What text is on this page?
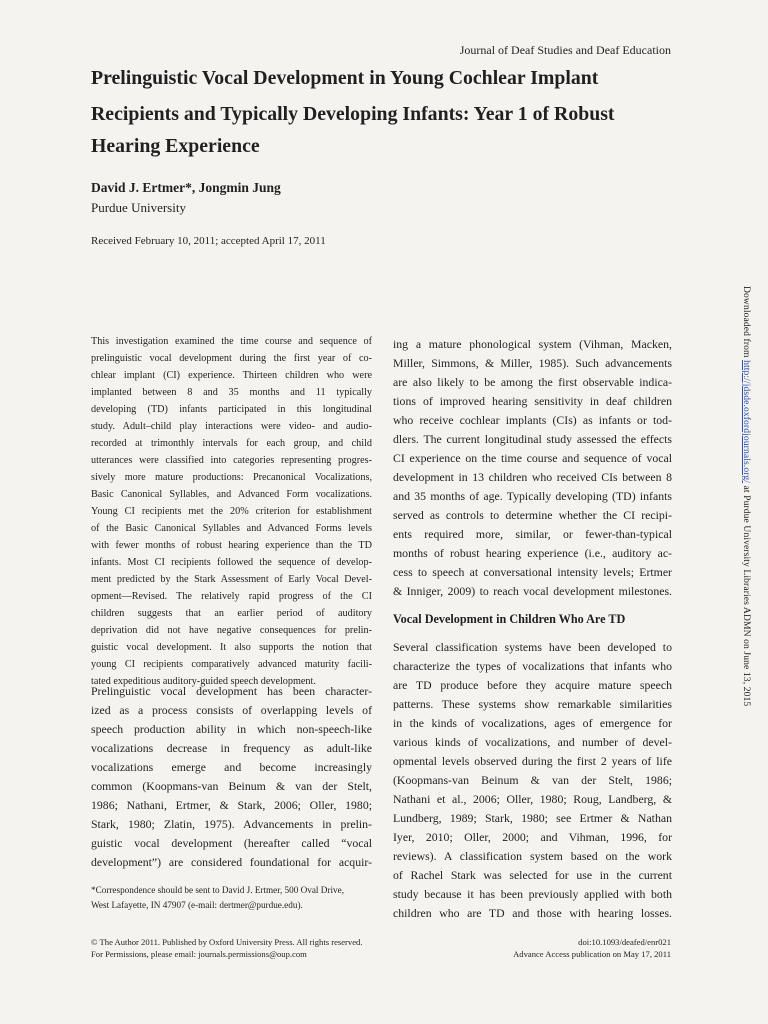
Journal of Deaf Studies and Deaf Education
Prelinguistic Vocal Development in Young Cochlear Implant
Recipients and Typically Developing Infants: Year 1 of Robust
Hearing Experience
David J. Ertmer*, Jongmin Jung
Purdue University
Received February 10, 2011; accepted April 17, 2011
This investigation examined the time course and sequence of
prelinguistic vocal development during the first year of co-
chlear implant (CI) experience. Thirteen children who were
implanted between 8 and 35 months and 11 typically
developing (TD) infants participated in this longitudinal
study. Adult–child play interactions were video- and audio-
recorded at trimonthly intervals for each group, and child
utterances were classified into categories representing progres-
sively more mature productions: Precanonical Vocalizations,
Basic Canonical Syllables, and Advanced Form vocalizations.
Young CI recipients met the 20% criterion for establishment
of the Basic Canonical Syllables and Advanced Forms levels
with fewer months of robust hearing experience than the TD
infants. Most CI recipients followed the sequence of develop-
ment predicted by the Stark Assessment of Early Vocal Devel-
opment—Revised. The relatively rapid progress of the CI
children suggests that an earlier period of auditory
deprivation did not have negative consequences for prelin-
guistic vocal development. It also supports the notion that
young CI recipients comparatively advanced maturity facili-
tated expeditious auditory-guided speech development.
Prelinguistic vocal development has been character-
ized as a process consists of overlapping levels of
speech production ability in which non-speech-like
vocalizations decrease in frequency as adult-like
vocalizations emerge and become increasingly
common (Koopmans-van Beinum & van der Stelt,
1986; Nathani, Ertmer, & Stark, 2006; Oller, 1980;
Stark, 1980; Zlatin, 1975). Advancements in prelin-
guistic vocal development (hereafter called “vocal
development”) are considered foundational for acquir-
*Correspondence should be sent to David J. Ertmer, 500 Oval Drive,
West Lafayette, IN 47907 (e-mail: dertmer@purdue.edu).
ing a mature phonological system (Vihman, Macken,
Miller, Simmons, & Miller, 1985). Such advancements
are also likely to be among the first observable indica-
tions of improved hearing sensitivity in deaf children
who receive cochlear implants (CIs) as infants or tod-
dlers. The current longitudinal study assessed the effects
CI experience on the time course and sequence of vocal
development in 13 children who received CIs between 8
and 35 months of age. Typically developing (TD) infants
served as controls to determine whether the CI recipi-
ents required more, similar, or fewer-than-typical
months of robust hearing experience (i.e., auditory ac-
cess to speech at conversational intensity levels; Ertmer
& Inniger, 2009) to reach vocal development milestones.
Vocal Development in Children Who Are TD
Several classification systems have been developed to
characterize the types of vocalizations that infants who
are TD produce before they acquire mature speech
patterns. These systems show remarkable similarities
in the kinds of vocalizations, ages of emergence for
various kinds of vocalizations, and number of devel-
opmental levels observed during the first 2 years of life
(Koopmans-van Beinum & van der Stelt, 1986;
Nathani et al., 2006; Oller, 1980; Roug, Landberg, &
Lundberg, 1989; Stark, 1980; see Ertmer & Nathan
Iyer, 2010; Oller, 2000; and Vihman, 1996, for
reviews). A classification system based on the work
of Rachel Stark was selected for use in the current
study because it has been previously applied with both
children who are TD and those with hearing losses.
© The Author 2011. Published by Oxford University Press. All rights reserved.
For Permissions, please email: journals.permissions@oup.com
doi:10.1093/deafed/enr021
Advance Access publication on May 17, 2011
Downloaded from http://jdsde.oxfordjournals.org/ at Purdue University Libraries ADMN on June 13, 2015
